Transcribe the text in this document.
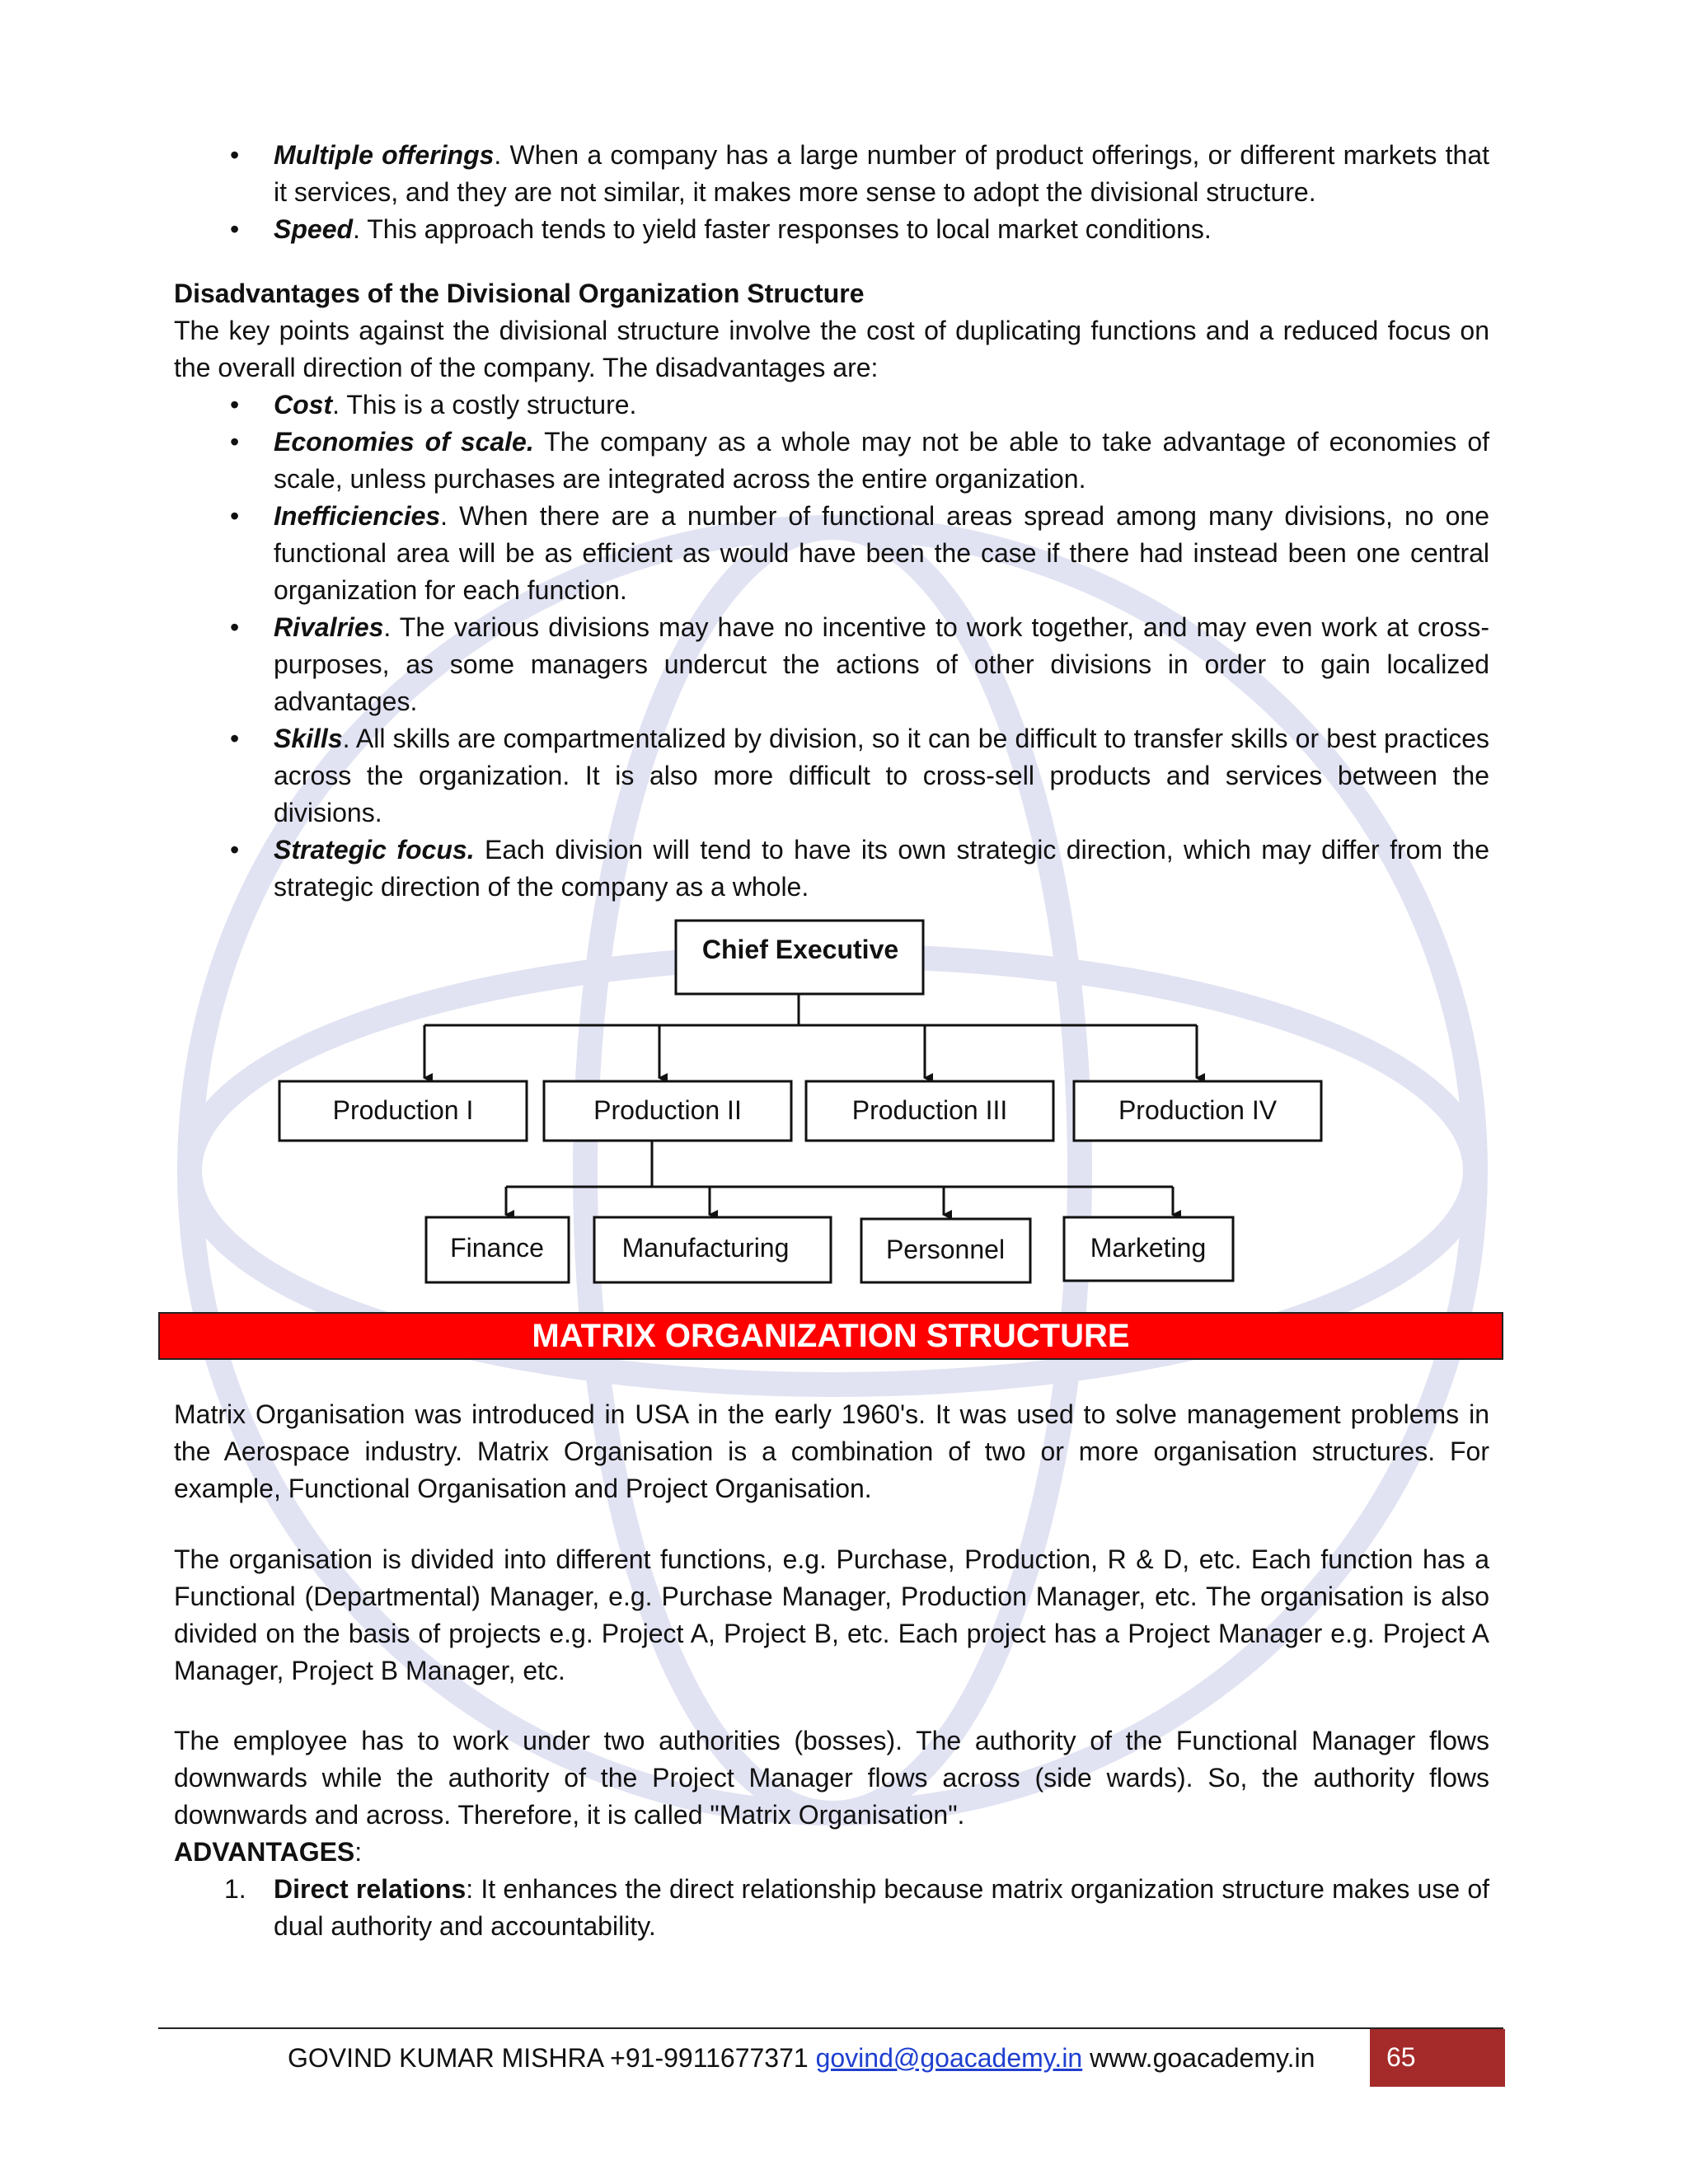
• Multiple offerings. When a company has a large number of product offerings, or different markets that it services, and they are not similar, it makes more sense to adopt the divisional structure.
• Speed. This approach tends to yield faster responses to local market conditions.
Disadvantages of the Divisional Organization Structure
The key points against the divisional structure involve the cost of duplicating functions and a reduced focus on the overall direction of the company. The disadvantages are:
• Cost. This is a costly structure.
• Economies of scale. The company as a whole may not be able to take advantage of economies of scale, unless purchases are integrated across the entire organization.
• Inefficiencies. When there are a number of functional areas spread among many divisions, no one functional area will be as efficient as would have been the case if there had instead been one central organization for each function.
• Rivalries. The various divisions may have no incentive to work together, and may even work at cross-purposes, as some managers undercut the actions of other divisions in order to gain localized advantages.
• Skills. All skills are compartmentalized by division, so it can be difficult to transfer skills or best practices across the organization. It is also more difficult to cross-sell products and services between the divisions.
• Strategic focus. Each division will tend to have its own strategic direction, which may differ from the strategic direction of the company as a whole.
Chief Executive
Production I	Production II	Production III	Production IV
Finance	Manufacturing	Personnel	Marketing
MATRIX ORGANIZATION STRUCTURE
Matrix Organisation was introduced in USA in the early 1960's. It was used to solve management problems in the Aerospace industry. Matrix Organisation is a combination of two or more organisation structures. For example, Functional Organisation and Project Organisation.
The organisation is divided into different functions, e.g. Purchase, Production, R & D, etc. Each function has a Functional (Departmental) Manager, e.g. Purchase Manager, Production Manager, etc. The organisation is also divided on the basis of projects e.g. Project A, Project B, etc. Each project has a Project Manager e.g. Project A Manager, Project B Manager, etc.
The employee has to work under two authorities (bosses). The authority of the Functional Manager flows downwards while the authority of the Project Manager flows across (side wards). So, the authority flows downwards and across. Therefore, it is called "Matrix Organisation".
ADVANTAGES:
1. Direct relations: It enhances the direct relationship because matrix organization structure makes use of dual authority and accountability.
GOVIND KUMAR MISHRA +91-9911677371 govind@goacademy.in www.goacademy.in	65
